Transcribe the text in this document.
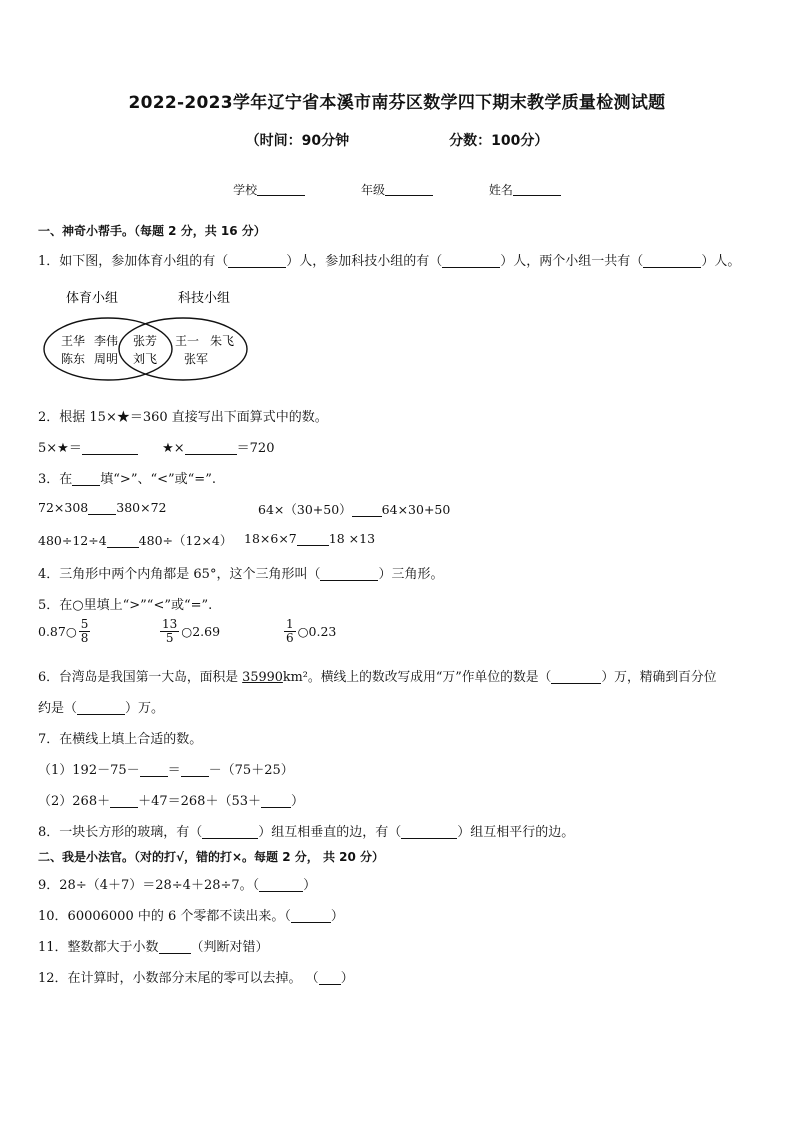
2022-2023学年辽宁省本溪市南芬区数学四下期末教学质量检测试题
（时间：90分钟	分数：100分）
学校	年级	姓名
一、神奇小帮手。（每题 2 分，共 16 分）
1．如下图，参加体育小组的有（	）人，参加科技小组的有（	）人，两个小组一共有（	）人。
体育小组	科技小组
王华 李伟
陈东 周明
张芳
刘飞
王一 朱飞
张军
2．根据 15×★＝360 直接写出下面算式中的数。
5×★＝	★×	＝720
3．在 填“>”、“<”或“=”.
72×308 380×72	64×（30+50） 64×30+50
480÷12÷4	480÷（12×4） 18×6×7	18 ×13
4．三角形中两个内角都是 65°，这个三角形叫（	）三角形。
5．在○里填上“>”“<”或“=”.
0.87○ $\frac{5}{8}$	$\frac{13}{5}$ ○2.69	$\frac{1}{6}$ ○0.23
6．台湾岛是我国第一大岛，面积是 35990km²。横线上的数改写成用“万”作单位的数是（	）万，精确到百分位
约是（	）万。
7．在横线上填上合适的数。
（1）192－75－ ＝ －（75＋25）
（2）268＋ ＋47＝268＋（53＋ ）
8．一块长方形的玻璃，有（	）组互相垂直的边，有（	）组互相平行的边。
二、我是小法官。（对的打√，错的打×。每题 2 分， 共 20 分）
9．28÷（4＋7）＝28÷4＋28÷7。（	）
10．60006000 中的 6 个零都不读出来。（	）
11．整数都大于小数 （判断对错）
12．在计算时，小数部分末尾的零可以去掉。 （ ）
